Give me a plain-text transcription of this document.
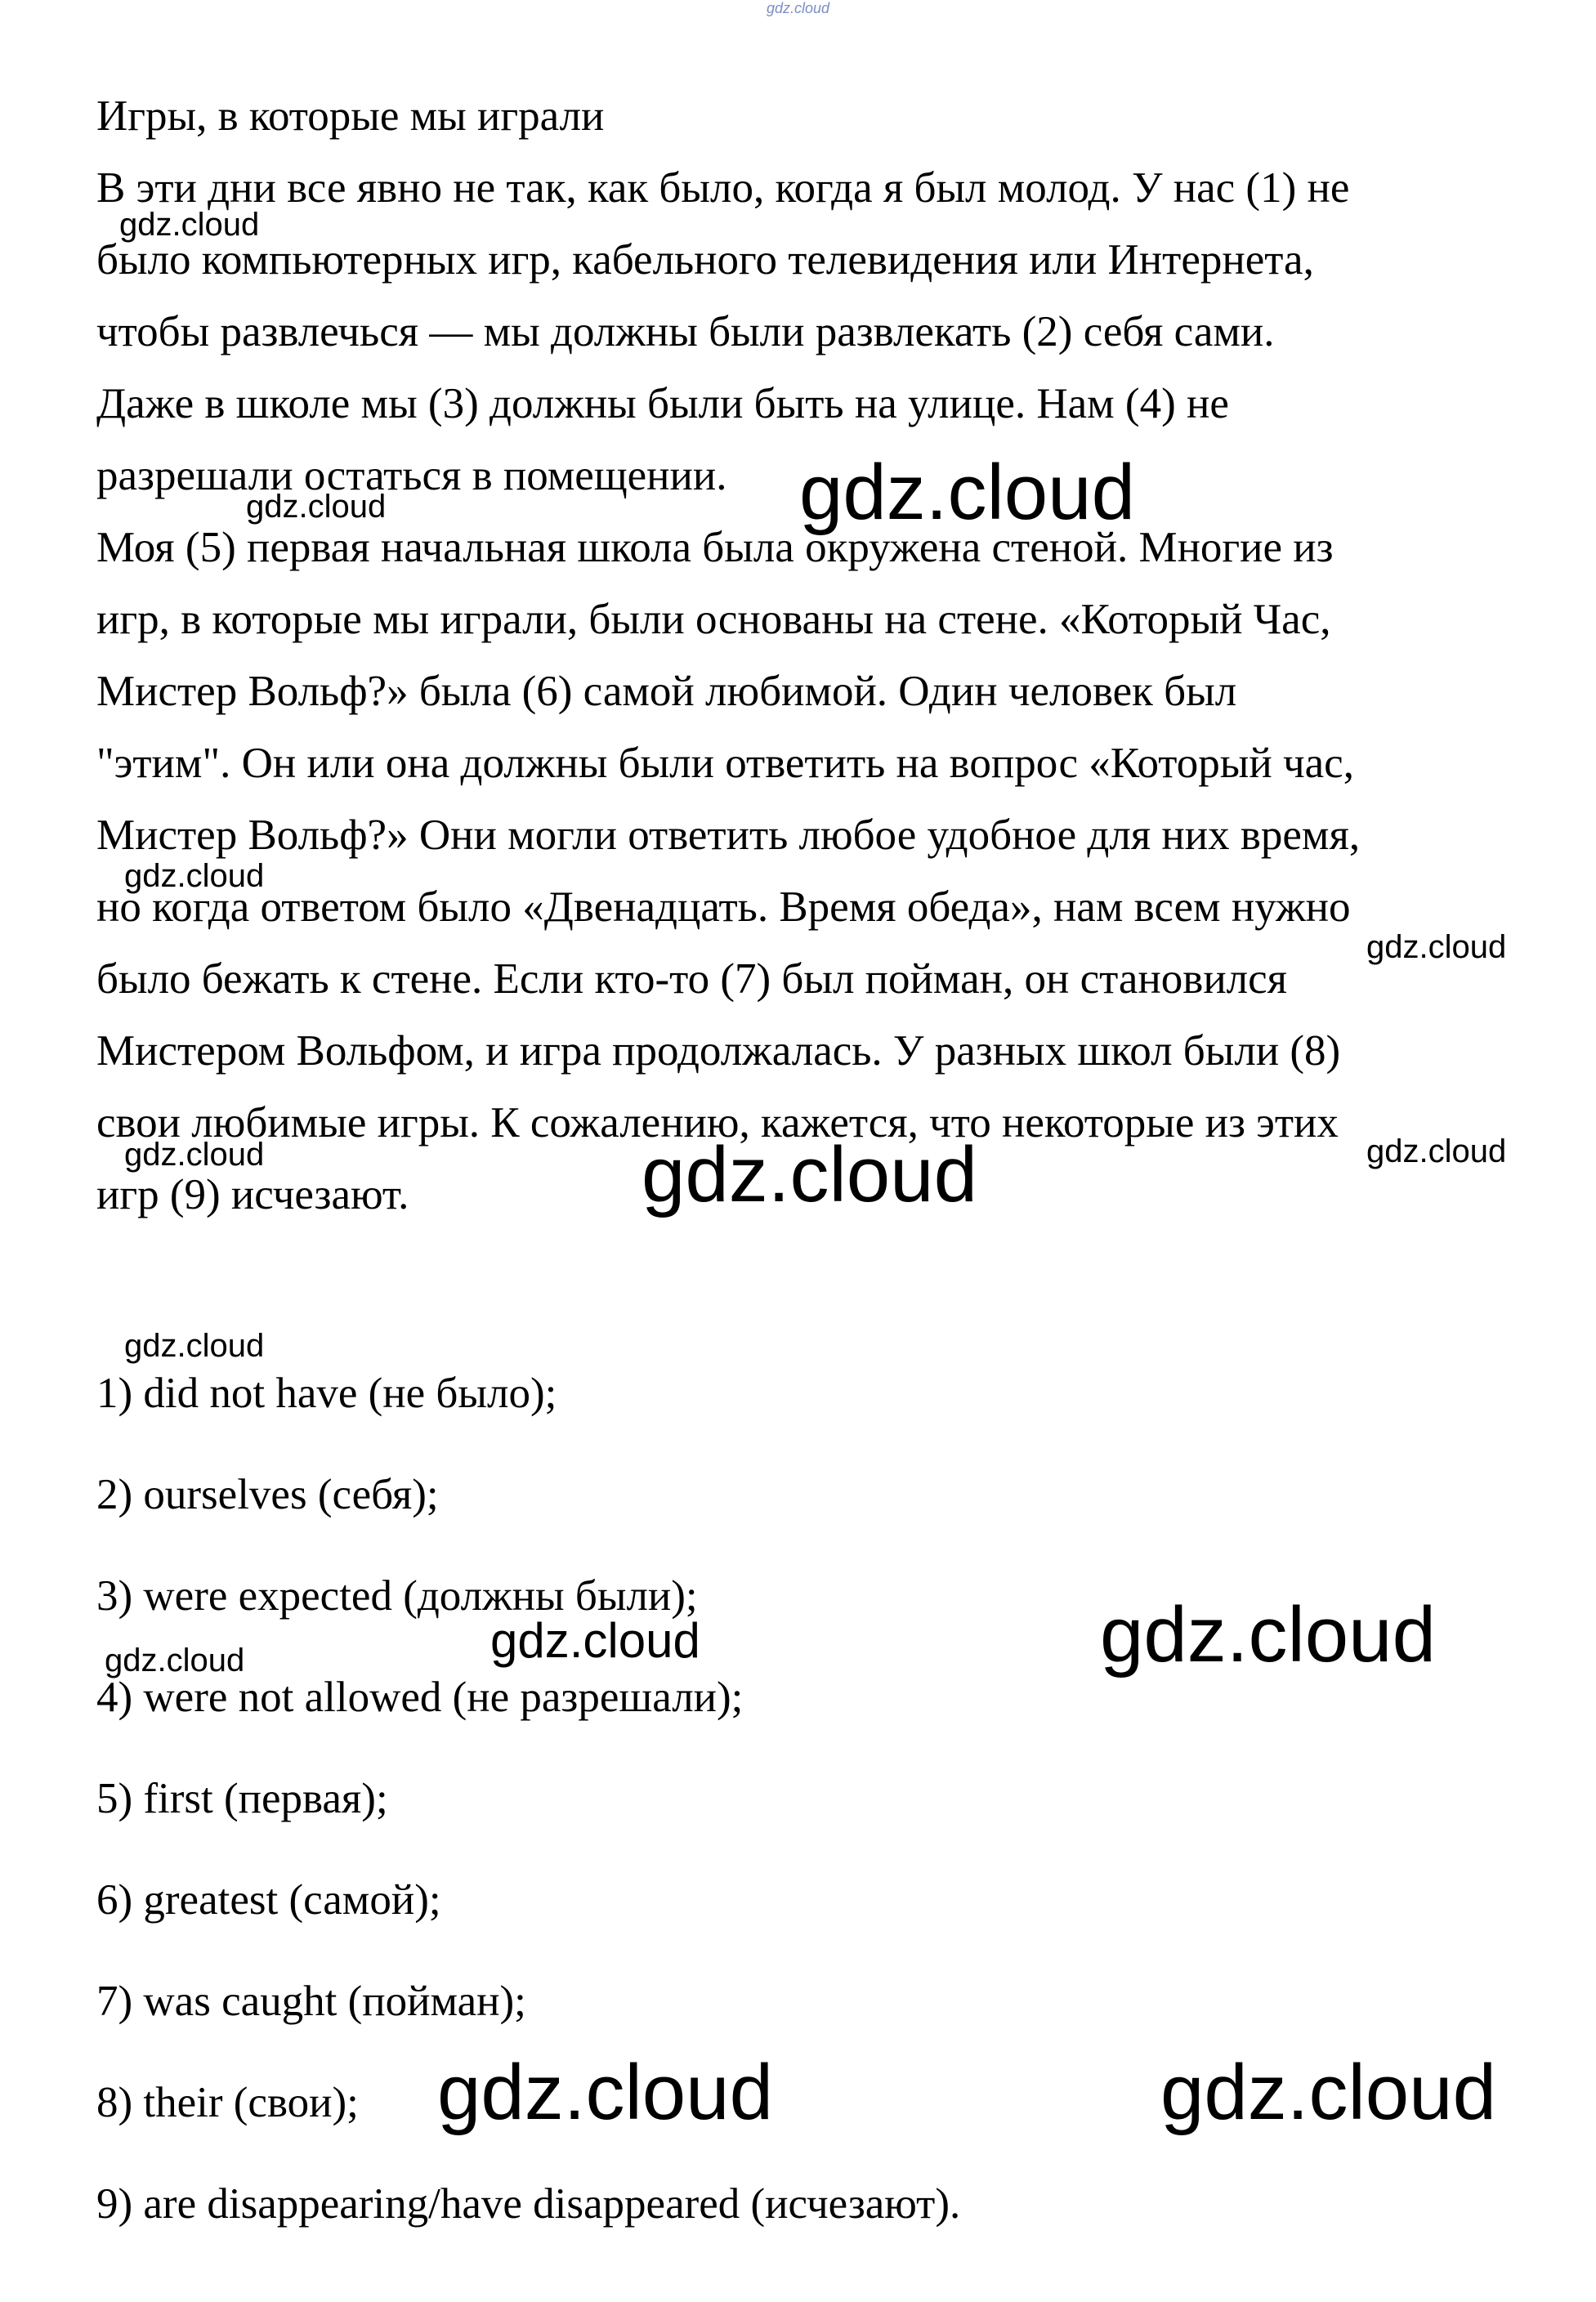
gdz.cloud
Игры, в которые мы играли
В эти дни все явно не так, как было, когда я был молод. У нас (1) не
было компьютерных игр, кабельного телевидения или Интернета,
чтобы развлечься — мы должны были развлекать (2) себя сами.
Даже в школе мы (3) должны были быть на улице. Нам (4) не
разрешали остаться в помещении.
Моя (5) первая начальная школа была окружена стеной. Многие из
игр, в которые мы играли, были основаны на стене. «Который Час,
Мистер Вольф?» была (6) самой любимой. Один человек был
"этим". Он или она должны были ответить на вопрос «Который час,
Мистер Вольф?» Они могли ответить любое удобное для них время,
но когда ответом было «Двенадцать. Время обеда», нам всем нужно
было бежать к стене. Если кто-то (7) был пойман, он становился
Мистером Вольфом, и игра продолжалась. У разных школ были (8)
свои любимые игры. К сожалению, кажется, что некоторые из этих
игр (9) исчезают.
1) did not have (не было);
2) ourselves (себя);
3) were expected (должны были);
4) were not allowed (не разрешали);
5) first (первая);
6) greatest (самой);
7) was caught (пойман);
8) their (свои);
9) are disappearing/have disappeared (исчезают).
gdz.cloud
gdz.cloud	gdz.cloud
gdz.cloud
gdz.cloud
gdz.cloud	gdz.cloud
gdz.cloud
gdz.cloud
gdz.cloud	gdz.cloud	gdz.cloud
gdz.cloud	gdz.cloud
